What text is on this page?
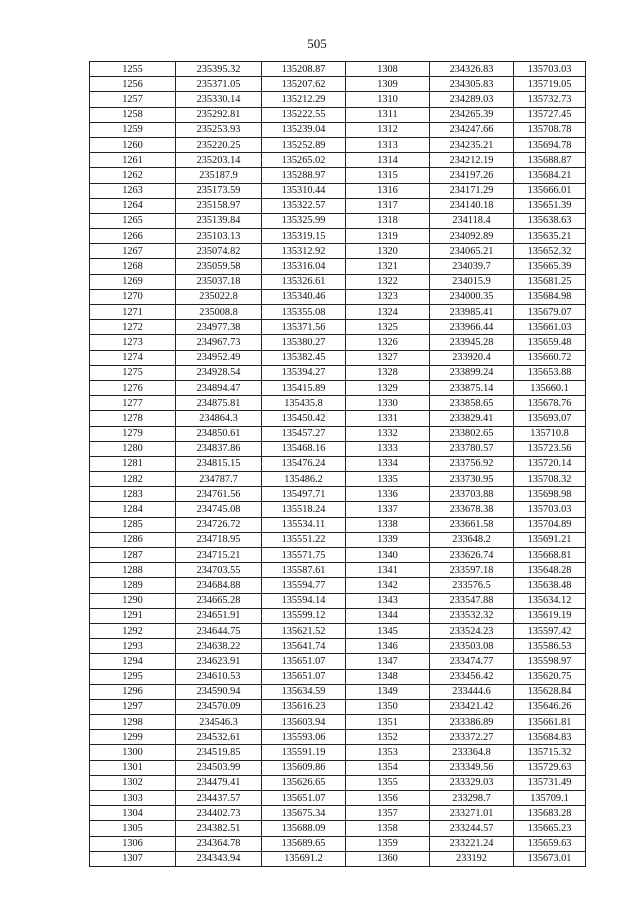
505
1255	235395.32	135208.87	1308	234326.83	135703.03
1256	235371.05	135207.62	1309	234305.83	135719.05
1257	235330.14	135212.29	1310	234289.03	135732.73
1258	235292.81	135222.55	1311	234265.39	135727.45
1259	235253.93	135239.04	1312	234247.66	135708.78
1260	235220.25	135252.89	1313	234235.21	135694.78
1261	235203.14	135265.02	1314	234212.19	135688.87
1262	235187.9	135288.97	1315	234197.26	135684.21
1263	235173.59	135310.44	1316	234171.29	135666.01
1264	235158.97	135322.57	1317	234140.18	135651.39
1265	235139.84	135325.99	1318	234118.4	135638.63
1266	235103.13	135319.15	1319	234092.89	135635.21
1267	235074.82	135312.92	1320	234065.21	135652.32
1268	235059.58	135316.04	1321	234039.7	135665.39
1269	235037.18	135326.61	1322	234015.9	135681.25
1270	235022.8	135340.46	1323	234000.35	135684.98
1271	235008.8	135355.08	1324	233985.41	135679.07
1272	234977.38	135371.56	1325	233966.44	135661.03
1273	234967.73	135380.27	1326	233945.28	135659.48
1274	234952.49	135382.45	1327	233920.4	135660.72
1275	234928.54	135394.27	1328	233899.24	135653.88
1276	234894.47	135415.89	1329	233875.14	135660.1
1277	234875.81	135435.8	1330	233858.65	135678.76
1278	234864.3	135450.42	1331	233829.41	135693.07
1279	234850.61	135457.27	1332	233802.65	135710.8
1280	234837.86	135468.16	1333	233780.57	135723.56
1281	234815.15	135476.24	1334	233756.92	135720.14
1282	234787.7	135486.2	1335	233730.95	135708.32
1283	234761.56	135497.71	1336	233703.88	135698.98
1284	234745.08	135518.24	1337	233678.38	135703.03
1285	234726.72	135534.11	1338	233661.58	135704.89
1286	234718.95	135551.22	1339	233648.2	135691.21
1287	234715.21	135571.75	1340	233626.74	135668.81
1288	234703.55	135587.61	1341	233597.18	135648.28
1289	234684.88	135594.77	1342	233576.5	135638.48
1290	234665.28	135594.14	1343	233547.88	135634.12
1291	234651.91	135599.12	1344	233532.32	135619.19
1292	234644.75	135621.52	1345	233524.23	135597.42
1293	234638.22	135641.74	1346	233503.08	135586.53
1294	234623.91	135651.07	1347	233474.77	135598.97
1295	234610.53	135651.07	1348	233456.42	135620.75
1296	234590.94	135634.59	1349	233444.6	135628.84
1297	234570.09	135616.23	1350	233421.42	135646.26
1298	234546.3	135603.94	1351	233386.89	135661.81
1299	234532.61	135593.06	1352	233372.27	135684.83
1300	234519.85	135591.19	1353	233364.8	135715.32
1301	234503.99	135609.86	1354	233349.56	135729.63
1302	234479.41	135626.65	1355	233329.03	135731.49
1303	234437.57	135651.07	1356	233298.7	135709.1
1304	234402.73	135675.34	1357	233271.01	135683.28
1305	234382.51	135688.09	1358	233244.57	135665.23
1306	234364.78	135689.65	1359	233221.24	135659.63
1307	234343.94	135691.2	1360	233192	135673.01
